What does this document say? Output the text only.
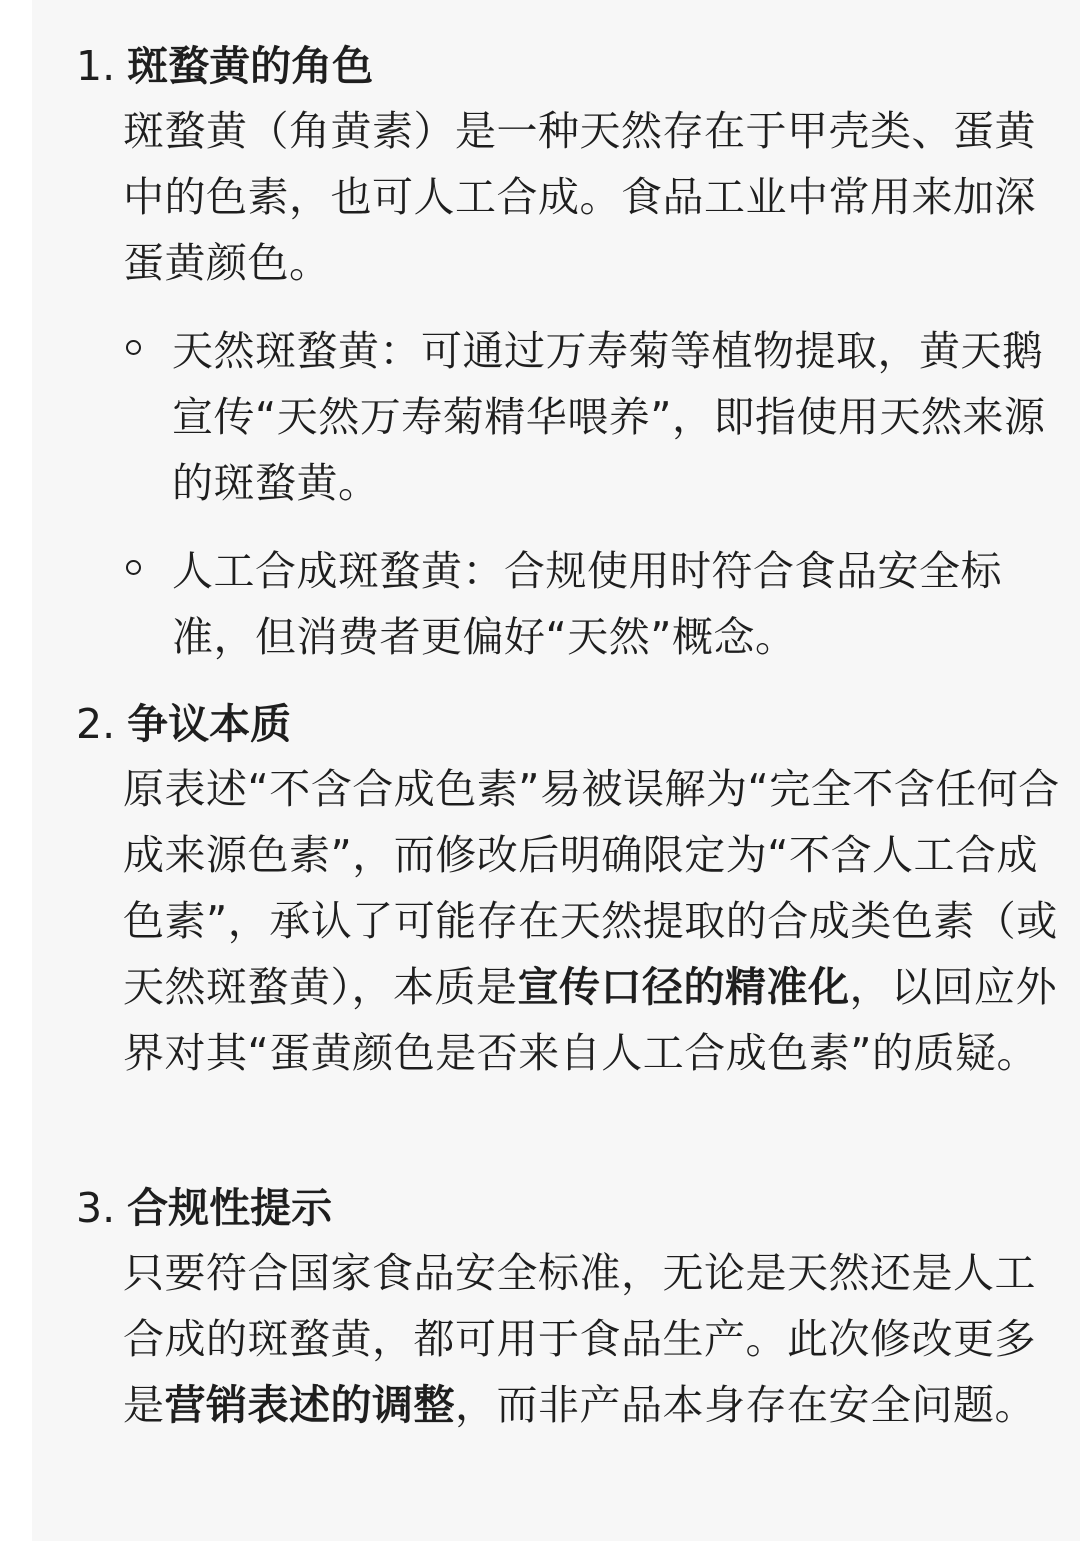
1. 斑蝥黄的角色
斑蝥黄（角黄素）是一种天然存在于甲壳类、蛋黄中的色素，也可人工合成。食品工业中常用来加深蛋黄颜色。
天然斑蝥黄：可通过万寿菊等植物提取，黄天鹅宣传“天然万寿菊精华喂养”，即指使用天然来源的斑蝥黄。
人工合成斑蝥黄：合规使用时符合食品安全标准，但消费者更偏好“天然”概念。
2. 争议本质
原表述“不含合成色素”易被误解为“完全不含任何合成来源色素”，而修改后明确限定为“不含人工合成色素”，承认了可能存在天然提取的合成类色素（或天然斑蝥黄），本质是宣传口径的精准化，以回应外界对其“蛋黄颜色是否来自人工合成色素”的质疑。
3. 合规性提示
只要符合国家食品安全标准，无论是天然还是人工合成的斑蝥黄，都可用于食品生产。此次修改更多是营销表述的调整，而非产品本身存在安全问题。
